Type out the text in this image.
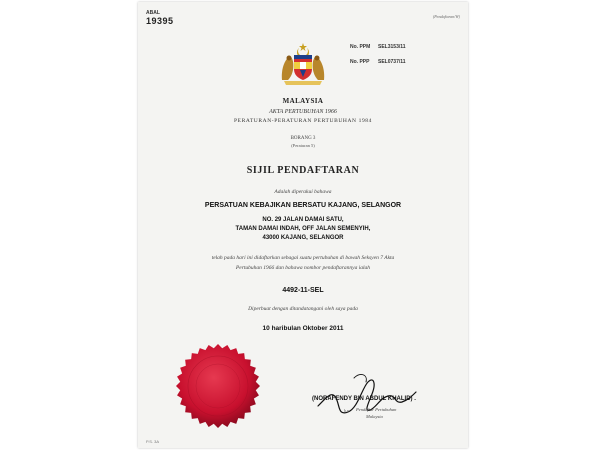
ABAL
19395	(Pendaftaran/W)
No. PPM SEL3153/11
No. PPP SEL0737/11
MALAYSIA
AKTA PERTUBUHAN 1966
PERATURAN-PERATURAN PERTUBUHAN 1984
BORANG 3
(Peraturan 5)
SIJIL PENDAFTARAN
Adalah diperakui bahawa
PERSATUAN KEBAJIKAN BERSATU KAJANG, SELANGOR
NO. 29 JALAN DAMAI SATU,
TAMAN DAMAI INDAH, OFF JALAN SEMENYIH,
43000 KAJANG, SELANGOR
telah pada hari ini didaftarkan sebagai suatu pertubuhan di bawah Seksyen 7 Akta
Pertubuhan 1966 dan bahawa nombor pendaftarannya ialah
4492-11-SEL
Diperbuat dengan ditandatangani oleh saya pada
10 haribulan Oktober 2011
(NORAFENDY BIN ABDUL KHALID) .
b.p. Pendaftar Pertubuhan
Malaysia
P.S. 3A
